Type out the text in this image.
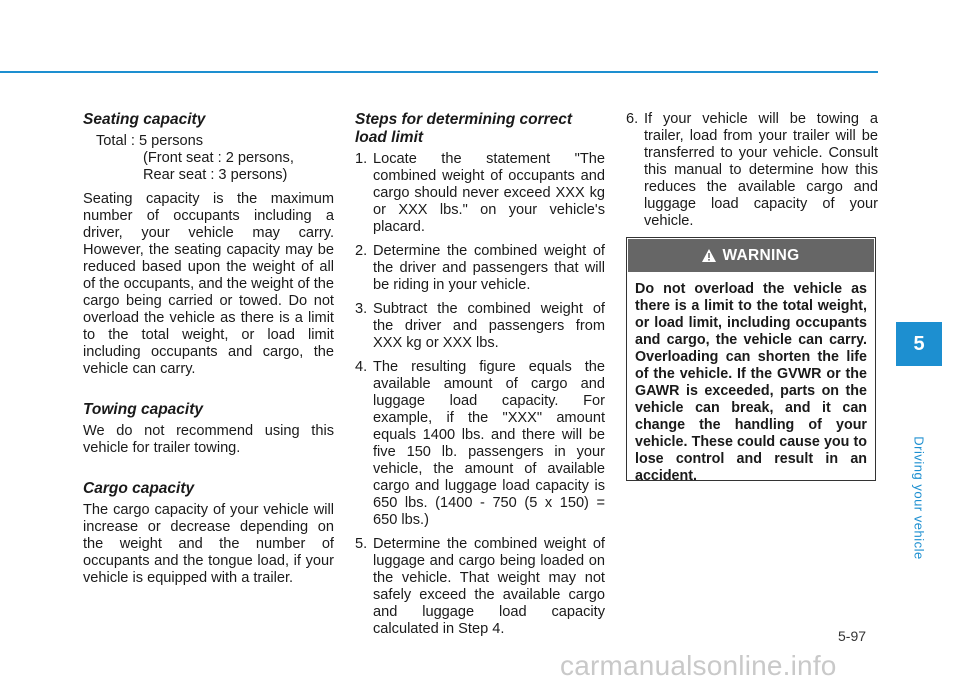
Seating capacity
Total : 5 persons
(Front seat : 2 persons,
Rear seat : 3 persons)

Seating capacity is the maximum number of occupants including a driver, your vehicle may carry. However, the seating capacity may be reduced based upon the weight of all of the occupants, and the weight of the cargo being carried or towed. Do not overload the vehicle as there is a limit to the total weight, or load limit including occupants and cargo, the vehicle can carry.

Towing capacity

We do not recommend using this vehicle for trailer towing.

Cargo capacity

The cargo capacity of your vehicle will increase or decrease depending on the weight and the number of occupants and the tongue load, if your vehicle is equipped with a trailer.

Steps for determining correct load limit
1. Locate the statement "The combined weight of occupants and cargo should never exceed XXX kg or XXX lbs." on your vehicle's placard.
2. Determine the combined weight of the driver and passengers that will be riding in your vehicle.
3. Subtract the combined weight of the driver and passengers from XXX kg or XXX lbs.
4. The resulting figure equals the available amount of cargo and luggage load capacity. For example, if the "XXX" amount equals 1400 lbs. and there will be five 150 lb. passengers in your vehicle, the amount of available cargo and luggage load capacity is 650 lbs. (1400 - 750 (5 x 150) = 650 lbs.)
5. Determine the combined weight of luggage and cargo being loaded on the vehicle. That weight may not safely exceed the available cargo and luggage load capacity calculated in Step 4.
6. If your vehicle will be towing a trailer, load from your trailer will be transferred to your vehicle. Consult this manual to determine how this reduces the available cargo and luggage load capacity of your vehicle.
WARNING
Do not overload the vehicle as there is a limit to the total weight, or load limit, including occupants and cargo, the vehicle can carry. Overloading can shorten the life of the vehicle. If the GVWR or the GAWR is exceeded, parts on the vehicle can break, and it can change the handling of your vehicle. These could cause you to lose control and result in an accident.
5
Driving your vehicle
5-97
carmanualsonline.info
